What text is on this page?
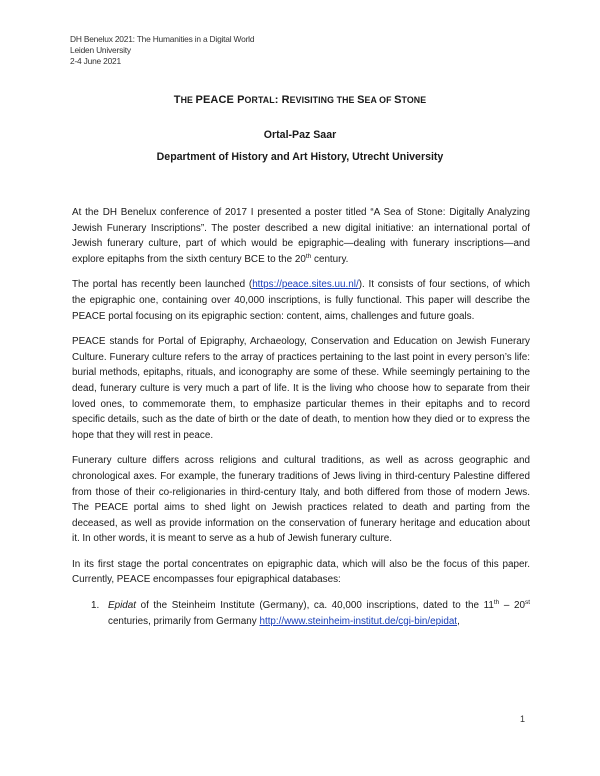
DH Benelux 2021: The Humanities in a Digital World
Leiden University
2-4 June 2021
THE PEACE PORTAL: REVISITING THE SEA OF STONE
Ortal-Paz Saar
Department of History and Art History, Utrecht University

At the DH Benelux conference of 2017 I presented a poster titled “A Sea of Stone: Digitally Analyzing Jewish Funerary Inscriptions”. The poster described a new digital initiative: an international portal of Jewish funerary culture, part of which would be epigraphic—dealing with funerary inscriptions—and explore epitaphs from the sixth century BCE to the 20th century.

The portal has recently been launched (https://peace.sites.uu.nl/). It consists of four sections, of which the epigraphic one, containing over 40,000 inscriptions, is fully functional. This paper will describe the PEACE portal focusing on its epigraphic section: content, aims, challenges and future goals.

PEACE stands for Portal of Epigraphy, Archaeology, Conservation and Education on Jewish Funerary Culture. Funerary culture refers to the array of practices pertaining to the last point in every person’s life: burial methods, epitaphs, rituals, and iconography are some of these. While seemingly pertaining to the dead, funerary culture is very much a part of life. It is the living who choose how to separate from their loved ones, to commemorate them, to emphasize particular themes in their epitaphs and to record specific details, such as the date of birth or the date of death, to mention how they died or to express the hope that they will rest in peace.

Funerary culture differs across religions and cultural traditions, as well as across geographic and chronological axes. For example, the funerary traditions of Jews living in third-century Palestine differed from those of their co-religionaries in third-century Italy, and both differed from those of modern Jews. The PEACE portal aims to shed light on Jewish practices related to death and parting from the deceased, as well as provide information on the conservation of funerary heritage and education about it. In other words, it is meant to serve as a hub of Jewish funerary culture.

In its first stage the portal concentrates on epigraphic data, which will also be the focus of this paper. Currently, PEACE encompasses four epigraphical databases:

1. Epidat of the Steinheim Institute (Germany), ca. 40,000 inscriptions, dated to the 11th – 20st centuries, primarily from Germany http://www.steinheim-institut.de/cgi-bin/epidat,
1
